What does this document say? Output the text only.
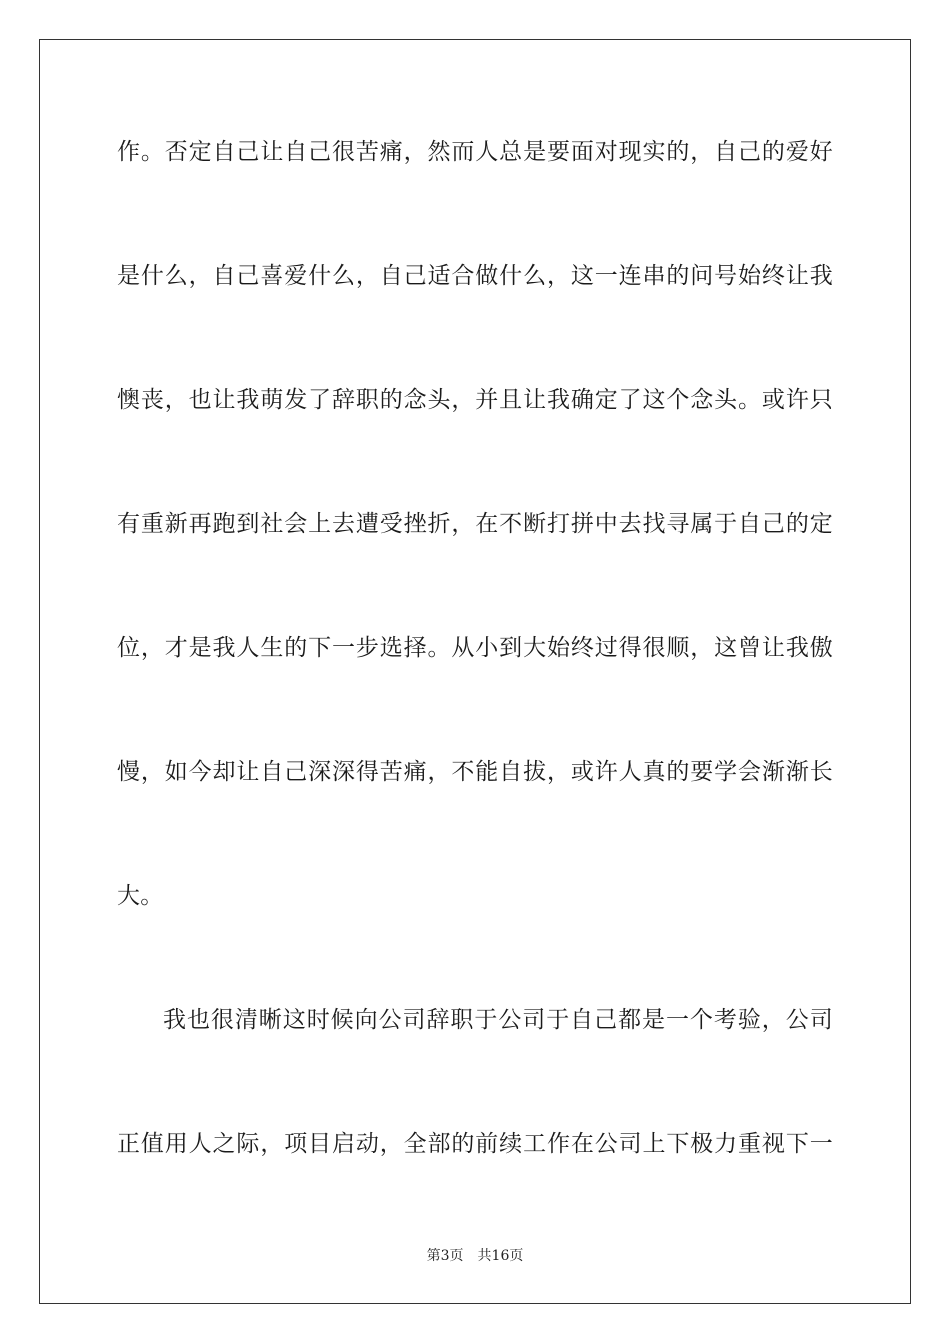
作。否定自己让自己很苦痛，然而人总是要面对现实的，自己的爱好
是什么，自己喜爱什么，自己适合做什么，这一连串的问号始终让我
懊丧，也让我萌发了辞职的念头，并且让我确定了这个念头。或许只
有重新再跑到社会上去遭受挫折，在不断打拼中去找寻属于自己的定
位，才是我人生的下一步选择。从小到大始终过得很顺，这曾让我傲
慢，如今却让自己深深得苦痛，不能自拔，或许人真的要学会渐渐长
大。
我也很清晰这时候向公司辞职于公司于自己都是一个考验，公司
正值用人之际，项目启动，全部的前续工作在公司上下极力重视下一
第3页　共16页
